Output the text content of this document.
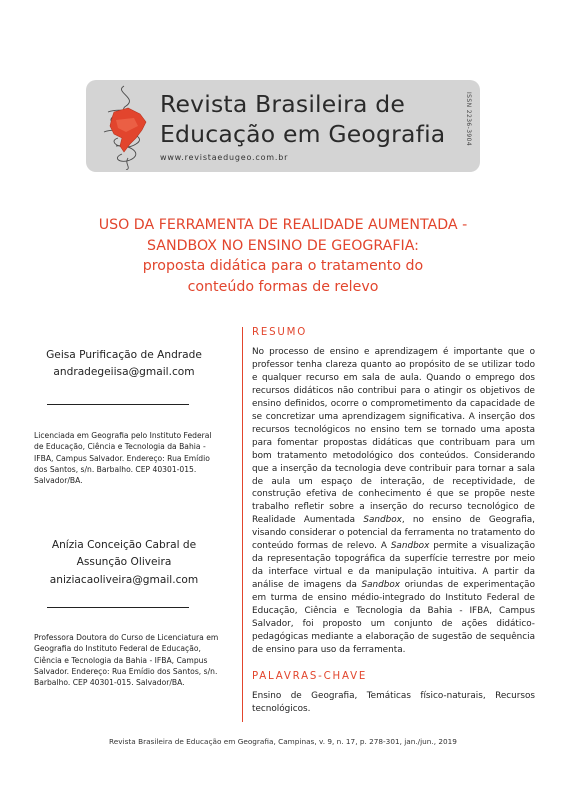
Revista Brasileira de
Educação em Geografia
www.revistaedugeo.com.br
ISSN 2236-3904
USO DA FERRAMENTA DE REALIDADE AUMENTADA -
SANDBOX NO ENSINO DE GEOGRAFIA:
proposta didática para o tratamento do
conteúdo formas de relevo
Geisa Purificação de Andrade
andradegeiisa@gmail.com
Licenciada em Geografia pelo Instituto Federal de Educação, Ciência e Tecnologia da Bahia - IFBA, Campus Salvador. Endereço: Rua Emídio dos Santos, s/n. Barbalho. CEP 40301-015. Salvador/BA.
Anízia Conceição Cabral de
Assunção Oliveira
aniziacaoliveira@gmail.com
Professora Doutora do Curso de Licenciatura em Geografia do Instituto Federal de Educação, Ciência e Tecnologia da Bahia - IFBA, Campus Salvador. Endereço: Rua Emídio dos Santos, s/n. Barbalho. CEP 40301-015. Salvador/BA.
RESUMO
No processo de ensino e aprendizagem é importante que o professor tenha clareza quanto ao propósito de se utilizar todo e qualquer recurso em sala de aula. Quando o emprego dos recursos didáticos não contribui para o atingir os objetivos de ensino definidos, ocorre o comprometimento da capacidade de se concretizar uma aprendizagem significativa. A inserção dos recursos tecnológicos no ensino tem se tornado uma aposta para fomentar propostas didáticas que contribuam para um bom tratamento metodológico dos conteúdos. Considerando que a inserção da tecnologia deve contribuir para tornar a sala de aula um espaço de interação, de receptividade, de construção efetiva de conhecimento é que se propõe neste trabalho refletir sobre a inserção do recurso tecnológico de Realidade Aumentada Sandbox, no ensino de Geografia, visando considerar o potencial da ferramenta no tratamento do conteúdo formas de relevo. A Sandbox permite a visualização da representação topográfica da superfície terrestre por meio da interface virtual e da manipulação intuitiva. A partir da análise de imagens da Sandbox oriundas de experimentação em turma de ensino médio-integrado do Instituto Federal de Educação, Ciência e Tecnologia da Bahia - IFBA, Campus Salvador, foi proposto um conjunto de ações didático-pedagógicas mediante a elaboração de sugestão de sequência de ensino para uso da ferramenta.
PALAVRAS-CHAVE
Ensino de Geografia, Temáticas físico-naturais, Recursos tecnológicos.
Revista Brasileira de Educação em Geografia, Campinas, v. 9, n. 17, p. 278-301, jan./jun., 2019
